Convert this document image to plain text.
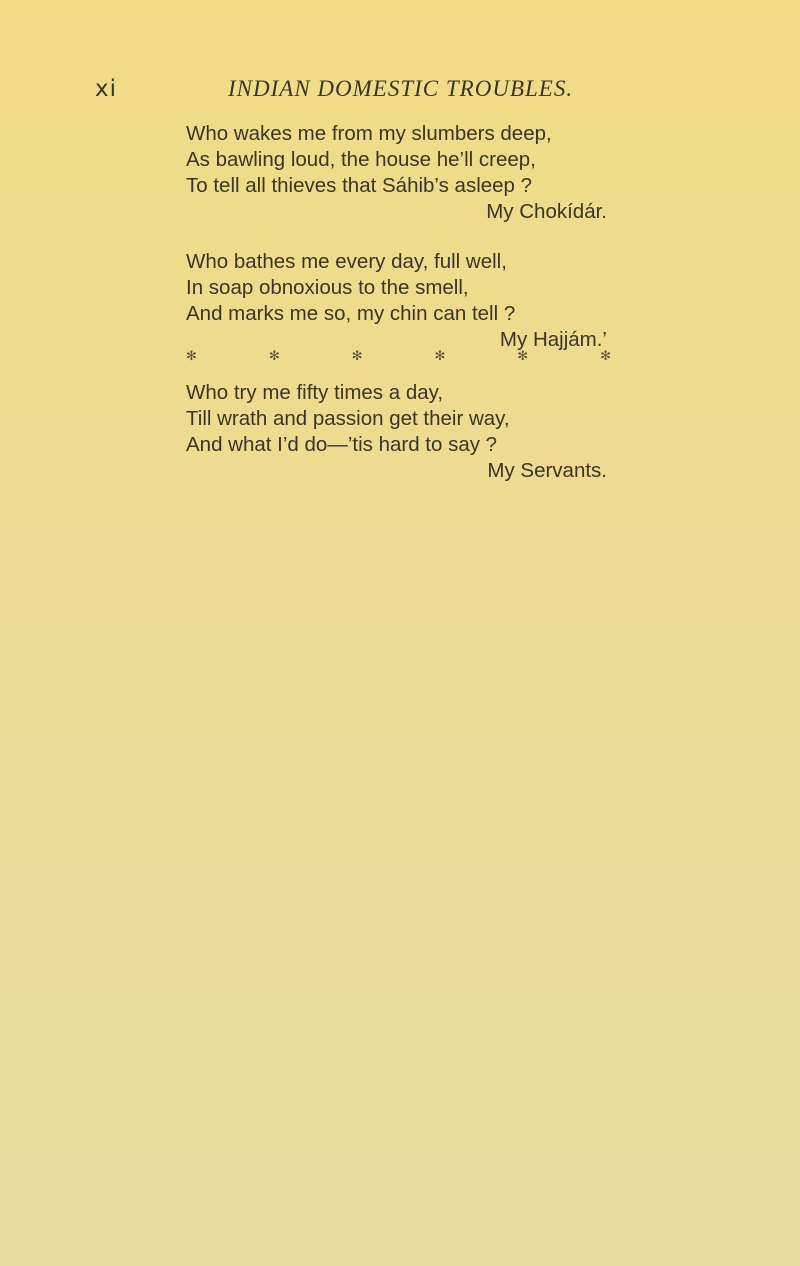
xi	INDIAN DOMESTIC TROUBLES.
Who wakes me from my slumbers deep,
As bawling loud, the house he’ll creep,
To tell all thieves that Sáhib’s asleep ?
My Chokídár.
Who bathes me every day, full well,
In soap obnoxious to the smell,
And marks me so, my chin can tell ?
My Hajjám.’
✻	✻	✻	✻	✻	✻
Who try me fifty times a day,
Till wrath and passion get their way,
And what I’d do—’tis hard to say ?
My Servants.
